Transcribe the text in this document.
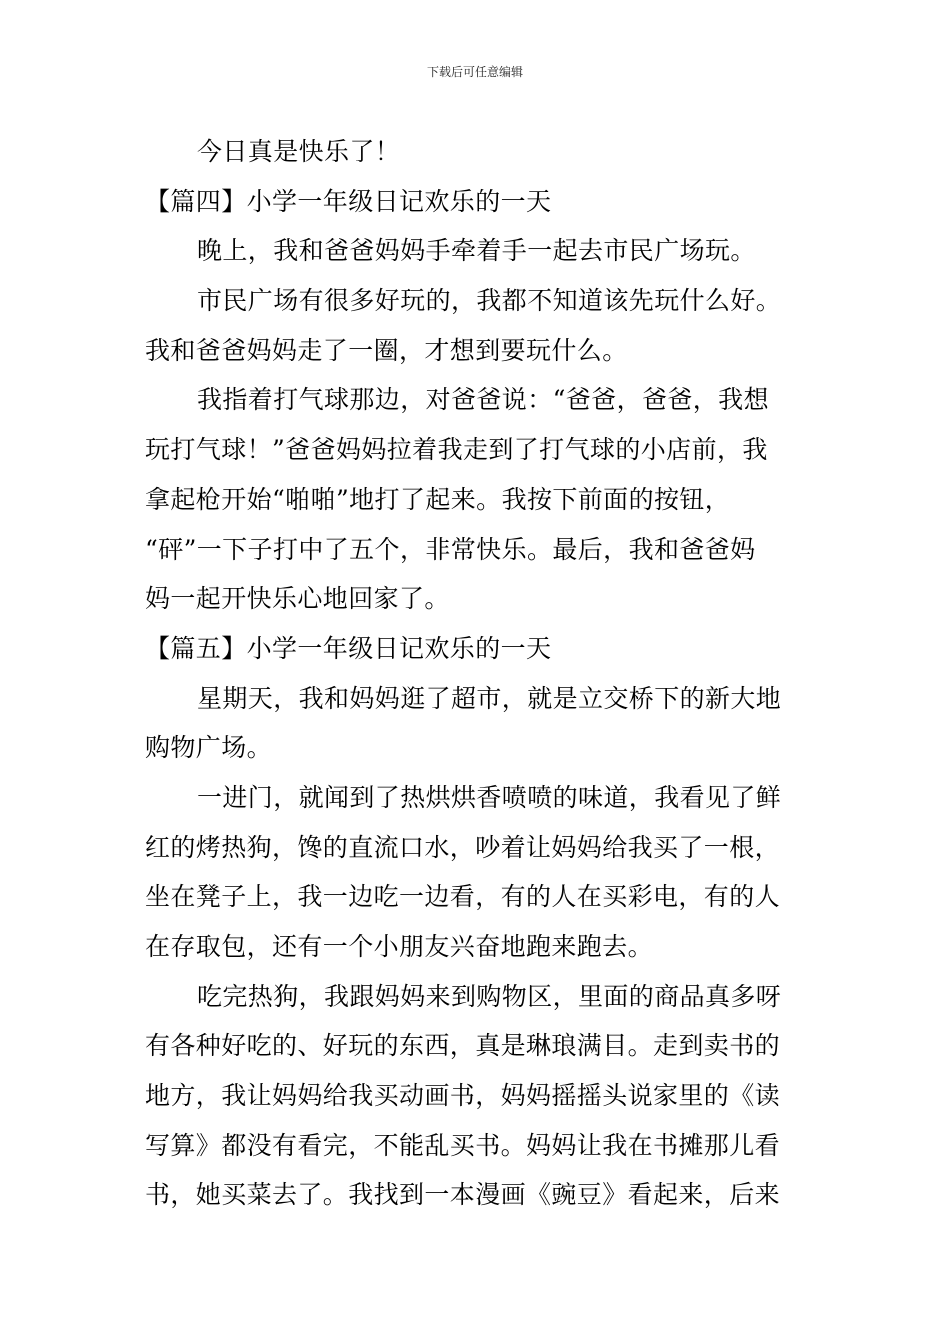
下载后可任意编辑
今日真是快乐了！
【篇四】小学一年级日记欢乐的一天
晚上，我和爸爸妈妈手牵着手一起去市民广场玩。
市民广场有很多好玩的，我都不知道该先玩什么好。
我和爸爸妈妈走了一圈，才想到要玩什么。
我指着打气球那边，对爸爸说：“爸爸，爸爸，我想
玩打气球！”爸爸妈妈拉着我走到了打气球的小店前，我
拿起枪开始“啪啪”地打了起来。我按下前面的按钮，
“砰”一下子打中了五个，非常快乐。最后，我和爸爸妈
妈一起开快乐心地回家了。
【篇五】小学一年级日记欢乐的一天
星期天，我和妈妈逛了超市，就是立交桥下的新大地
购物广场。
一进门，就闻到了热烘烘香喷喷的味道，我看见了鲜
红的烤热狗，馋的直流口水，吵着让妈妈给我买了一根，
坐在凳子上，我一边吃一边看，有的人在买彩电，有的人
在存取包，还有一个小朋友兴奋地跑来跑去。
吃完热狗，我跟妈妈来到购物区，里面的商品真多呀
有各种好吃的、好玩的东西，真是琳琅满目。走到卖书的
地方，我让妈妈给我买动画书，妈妈摇摇头说家里的《读
写算》都没有看完，不能乱买书。妈妈让我在书摊那儿看
书，她买菜去了。我找到一本漫画《豌豆》看起来，后来
